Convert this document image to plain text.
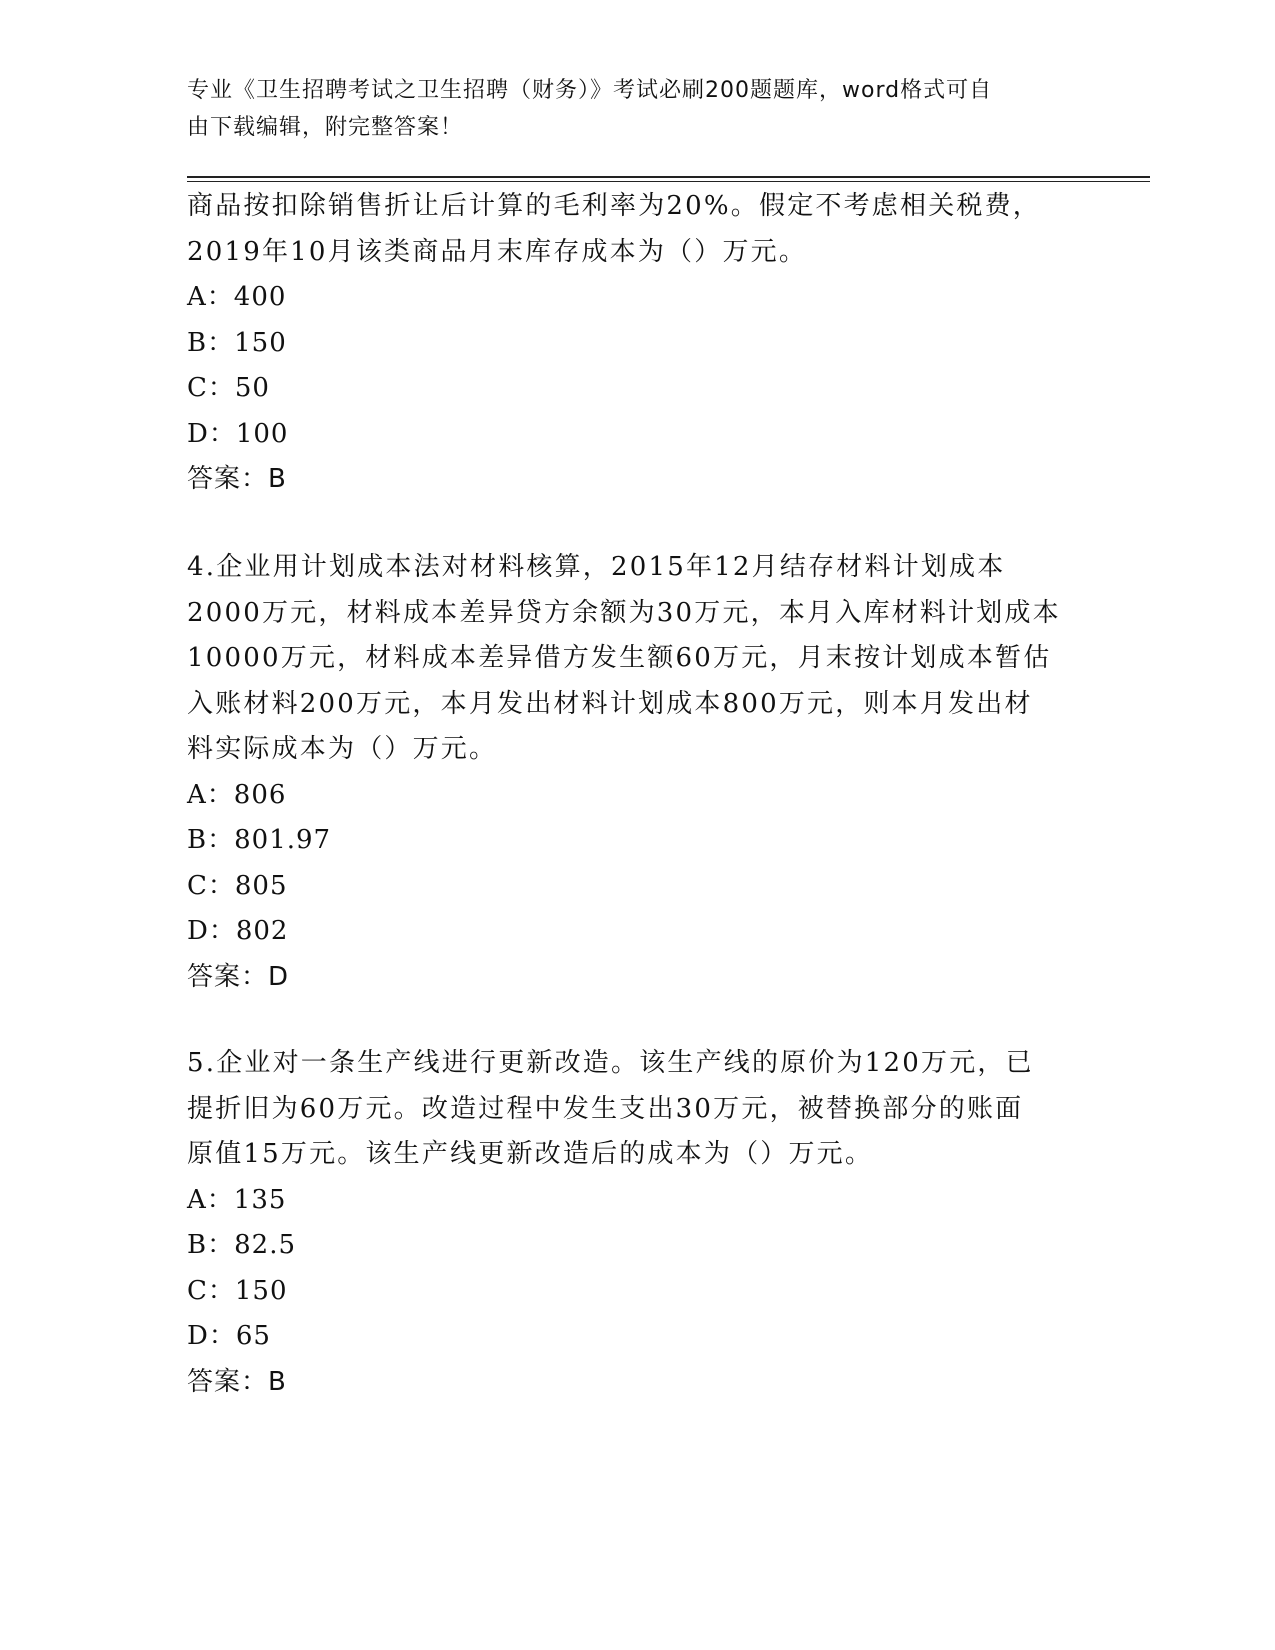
专业《卫生招聘考试之卫生招聘（财务）》考试必刷200题题库，word格式可自
由下载编辑，附完整答案！

商品按扣除销售折让后计算的毛利率为20%。假定不考虑相关税费，

2019年10月该类商品月末库存成本为（）万元。

A：400

B：150

C：50

D：100

答案：B

4.企业用计划成本法对材料核算，2015年12月结存材料计划成本

2000万元，材料成本差异贷方余额为30万元，本月入库材料计划成本

10000万元，材料成本差异借方发生额60万元，月末按计划成本暂估

入账材料200万元，本月发出材料计划成本800万元，则本月发出材

料实际成本为（）万元。

A：806

B：801.97

C：805

D：802

答案：D

5.企业对一条生产线进行更新改造。该生产线的原价为120万元，已

提折旧为60万元。改造过程中发生支出30万元，被替换部分的账面

原值15万元。该生产线更新改造后的成本为（）万元。

A：135

B：82.5

C：150

D：65

答案：B
